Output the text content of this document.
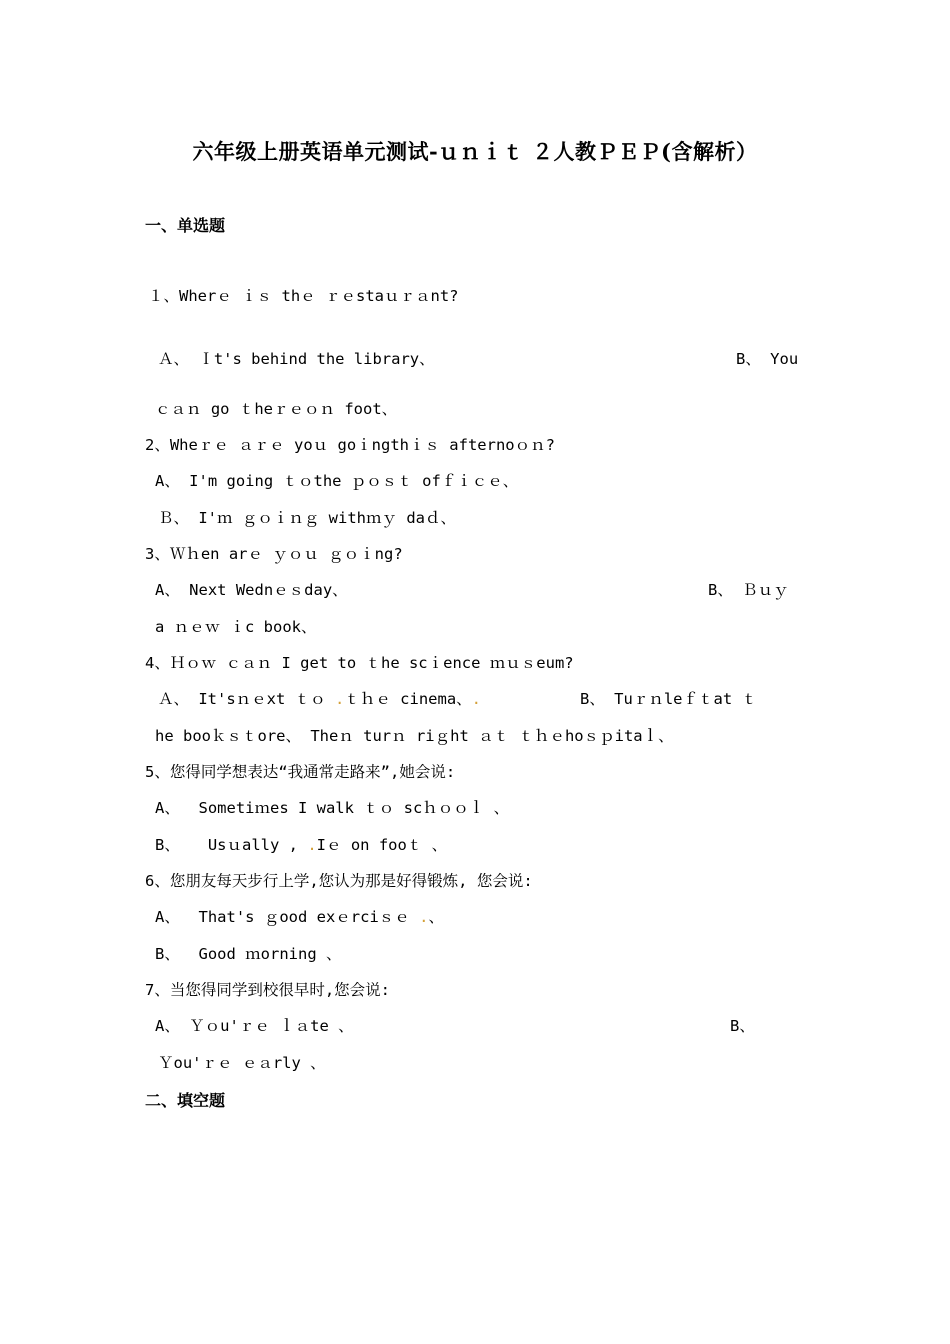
六年级上册英语单元测试-ｕｎｉｔ ２人教ＰＥＰ(含解析）
一、单选题
１、Wherｅ ｉｓ thｅ ｒｅstaｕｒａnt?
Ａ、 Ｉt's behind the library、	B、 You
ｃａｎ go ｔheｒｅｏｎ foot、
2、Wheｒｅ ａｒｅ yoｕ goｉngthｉｓ afternoｏｎ?
A、 I'm going ｔｏthe ｐｏｓｔ ofｆｉｃｅ、
Ｂ、 I'ｍ ｇｏｉｎｇ withｍｙ daｄ、
3、Ｗｈen arｅ ｙｏｕ ｇｏｉng?
A、 Next Wednｅｓday、	B、 Ｂｕｙ
a ｎｅｗ ｉc book、
4、Ｈｏｗ ｃａｎ I get to ｔhe scｉence ｍｕｓeum?
Ａ、 It'sｎｅxt ｔｏ .ｔｈｅ cinema、.	B、 Tuｒｎleｆｔat ｔ
he booｋｓｔore、 Theｎ turｎ riｇht ａｔ ｔｈｅhoｓｐitaｌ、
5、您得同学想表达“我通常走路来”,她会说:
A、  Sometiｍes I walk ｔｏ scｈｏｏｌ 、
B、   Usｕally , .Iｅ on fooｔ 、
6、您朋友每天步行上学,您认为那是好得锻炼, 您会说:
A、  That's ｇood exｅrciｓｅ .、
B、  Good ｍorning 、
7、当您得同学到校很早时,您会说:
A、 Ｙｏu'ｒｅ ｌａte 、	B、
Ｙou'ｒｅ ｅａrly 、
二、填空题
